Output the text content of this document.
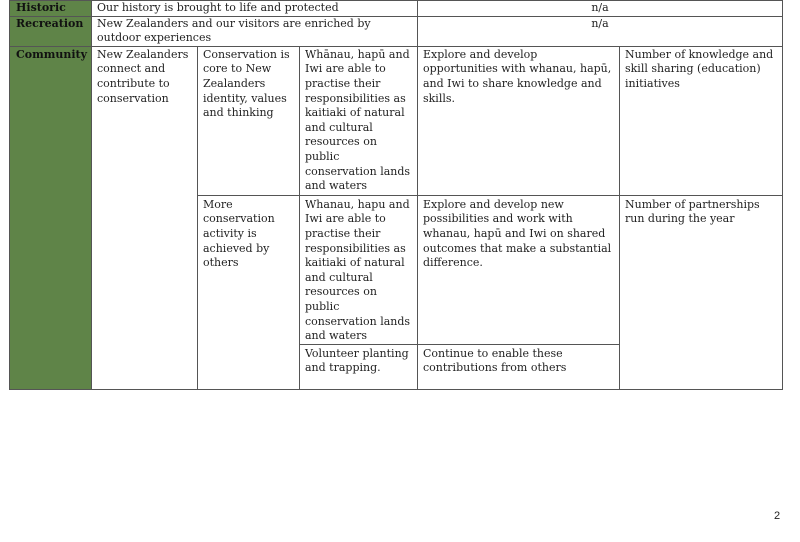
Historic	Our history is brought to life and protected			n/a	
Recreation	New Zealanders and our visitors are enriched by outdoor experiences			n/a	
Community	New Zealanders connect and contribute to conservation	Conservation is core to New Zealanders identity, values and thinking	Whānau, hapū and Iwi are able to practise their responsibilities as kaitiaki of natural and cultural resources on public conservation lands and waters	Explore and develop opportunities with whanau, hapū, and Iwi to share knowledge and skills.	Number of knowledge and skill sharing (education) initiatives
		More conservation activity is achieved by others	Whanau, hapu and Iwi are able to practise their responsibilities as kaitiaki of natural and cultural resources on public conservation lands and waters	Explore and develop new possibilities and work with whanau, hapū and Iwi on shared outcomes that make a substantial difference.	Number of partnerships run during the year
			Volunteer planting and trapping.	Continue to enable these contributions from others	
2
